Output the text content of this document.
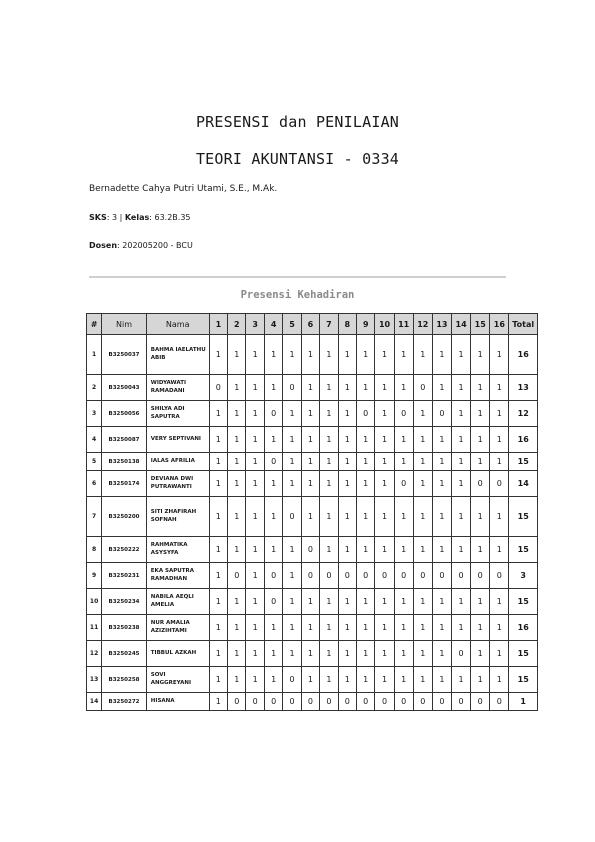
PRESENSI dan PENILAIAN
TEORI AKUNTANSI - 0334
Bernadette Cahya Putri Utami, S.E., M.Ak.
SKS: 3 | Kelas: 63.2B.35
Dosen: 202005200 - BCU
Presensi Kehadiran
#	Nim	Nama	1	2	3	4	5	6	7	8	9	10	11	12	13	14	15	16	Total
1	B3250037	BAHMA IAELATHU ABIB	1	1	1	1	1	1	1	1	1	1	1	1	1	1	1	1	16
2	B3250043	WIDYAWATI RAMADANI	0	1	1	1	0	1	1	1	1	1	1	0	1	1	1	1	13
3	B3250056	SHILYA ADI SAPUTRA	1	1	1	0	1	1	1	1	0	1	0	1	0	1	1	1	12
4	B3250087	VERY SEPTIVANI	1	1	1	1	1	1	1	1	1	1	1	1	1	1	1	1	16
5	B3250138	IALAS AFRILIA	1	1	1	0	1	1	1	1	1	1	1	1	1	1	1	1	15
6	B3250174	DEVIANA DWI PUTRAWANTI	1	1	1	1	1	1	1	1	1	1	0	1	1	1	0	0	14
7	B3250200	SITI ZHAFIRAH SOFNAH	1	1	1	1	0	1	1	1	1	1	1	1	1	1	1	1	15
8	B3250222	RAHMATIKA ASYSYFA	1	1	1	1	1	0	1	1	1	1	1	1	1	1	1	1	15
9	B3250231	EKA SAPUTRA RAMADHAN	1	0	1	0	1	0	0	0	0	0	0	0	0	0	0	0	3
10	B3250234	NABILA AEQLI AMELIA	1	1	1	0	1	1	1	1	1	1	1	1	1	1	1	1	15
11	B3250238	NUR AMALIA AZIZIHTAMI	1	1	1	1	1	1	1	1	1	1	1	1	1	1	1	1	16
12	B3250245	TIBBUL AZKAH	1	1	1	1	1	1	1	1	1	1	1	1	1	0	1	1	15
13	B3250258	SOVI ANGGREYANI	1	1	1	1	0	1	1	1	1	1	1	1	1	1	1	1	15
14	B3250272	HISANA	1	0	0	0	0	0	0	0	0	0	0	0	0	0	0	0	1
